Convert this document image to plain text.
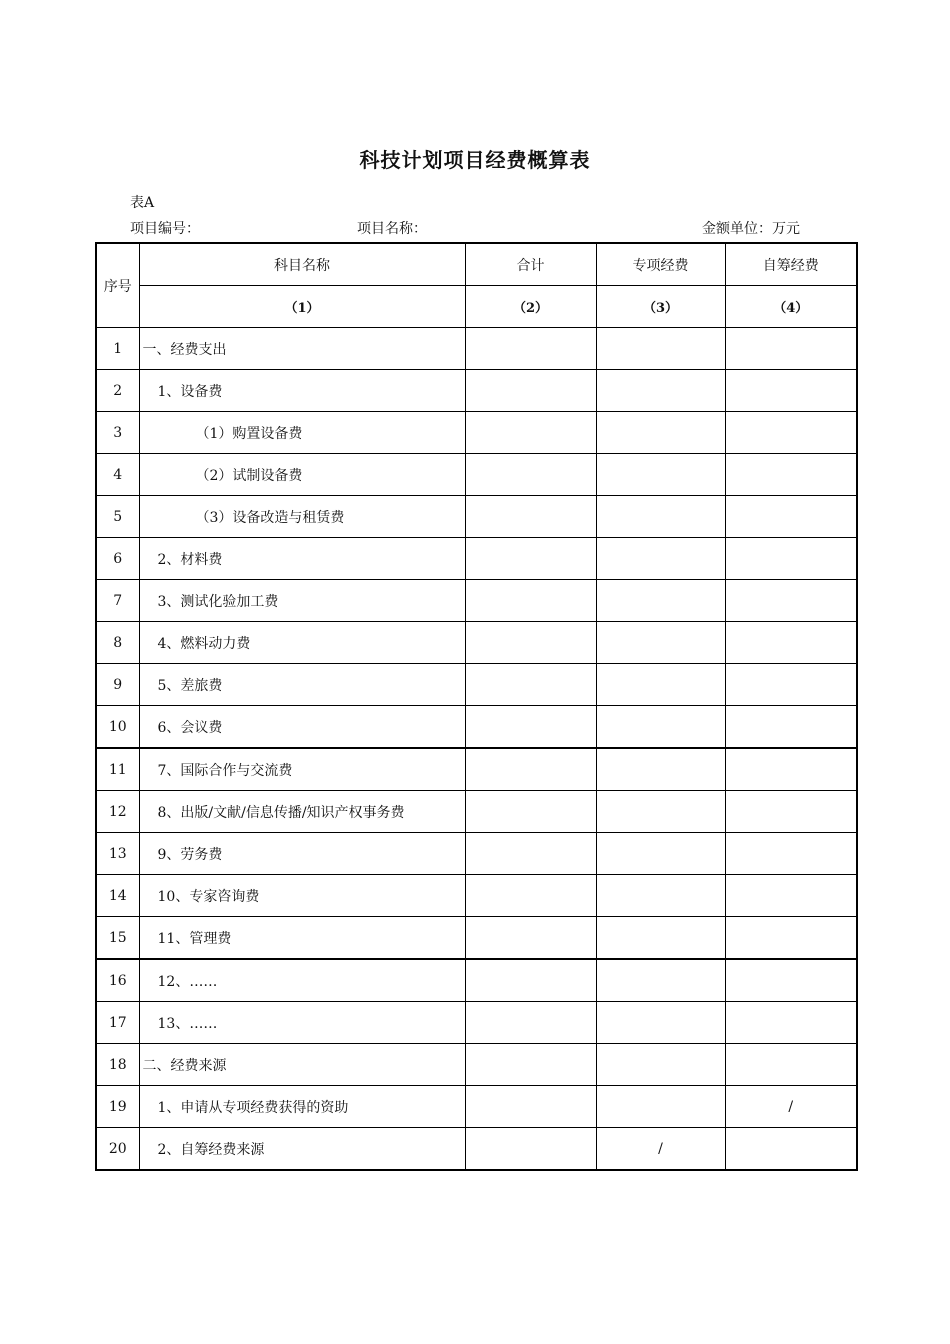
科技计划项目经费概算表
表A
项目编号：	项目名称：	金额单位：万元
序号	科目名称	合计	专项经费	自筹经费
	（1）	（2）	（3）	（4）
1	一、经费支出			
2	1、设备费			
3	（1）购置设备费			
4	（2）试制设备费			
5	（3）设备改造与租赁费			
6	2、材料费			
7	3、测试化验加工费			
8	4、燃料动力费			
9	5、差旅费			
10	6、会议费			
11	7、国际合作与交流费			
12	8、出版/文献/信息传播/知识产权事务费			
13	9、劳务费			
14	10、专家咨询费			
15	11、管理费			
16	12、……			
17	13、……			
18	二、经费来源			
19	1、申请从专项经费获得的资助			/
20	2、自筹经费来源		/	
